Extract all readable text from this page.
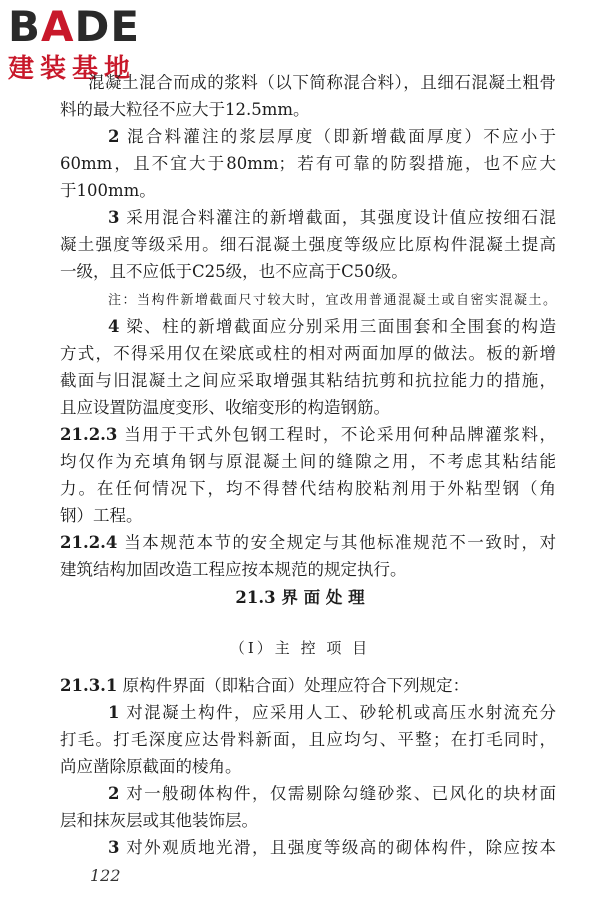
BADE
建装基地
混凝土混合而成的浆料（以下简称混合料），且细石混凝土粗骨
料的最大粒径不应大于12.5mm。
2 混合料灌注的浆层厚度（即新增截面厚度）不应小于
60mm，且不宜大于80mm；若有可靠的防裂措施，也不应大
于100mm。
3 采用混合料灌注的新增截面，其强度设计值应按细石混
凝土强度等级采用。细石混凝土强度等级应比原构件混凝土提高
一级，且不应低于C25级，也不应高于C50级。
注：当构件新增截面尺寸较大时，宜改用普通混凝土或自密实混凝土。
4 梁、柱的新增截面应分别采用三面围套和全围套的构造
方式，不得采用仅在梁底或柱的相对两面加厚的做法。板的新增
截面与旧混凝土之间应采取增强其粘结抗剪和抗拉能力的措施，
且应设置防温度变形、收缩变形的构造钢筋。
21.2.3 当用于干式外包钢工程时，不论采用何种品牌灌浆料，
均仅作为充填角钢与原混凝土间的缝隙之用，不考虑其粘结能
力。在任何情况下，均不得替代结构胶粘剂用于外粘型钢（角
钢）工程。
21.2.4 当本规范本节的安全规定与其他标准规范不一致时，对
建筑结构加固改造工程应按本规范的规定执行。
21.3 界 面 处 理
（Ⅰ）主 控 项 目
21.3.1 原构件界面（即粘合面）处理应符合下列规定：
1 对混凝土构件，应采用人工、砂轮机或高压水射流充分
打毛。打毛深度应达骨料新面，且应均匀、平整；在打毛同时，
尚应凿除原截面的棱角。
2 对一般砌体构件，仅需剔除勾缝砂浆、已风化的块材面
层和抹灰层或其他装饰层。
3 对外观质地光滑，且强度等级高的砌体构件，除应按本
122
